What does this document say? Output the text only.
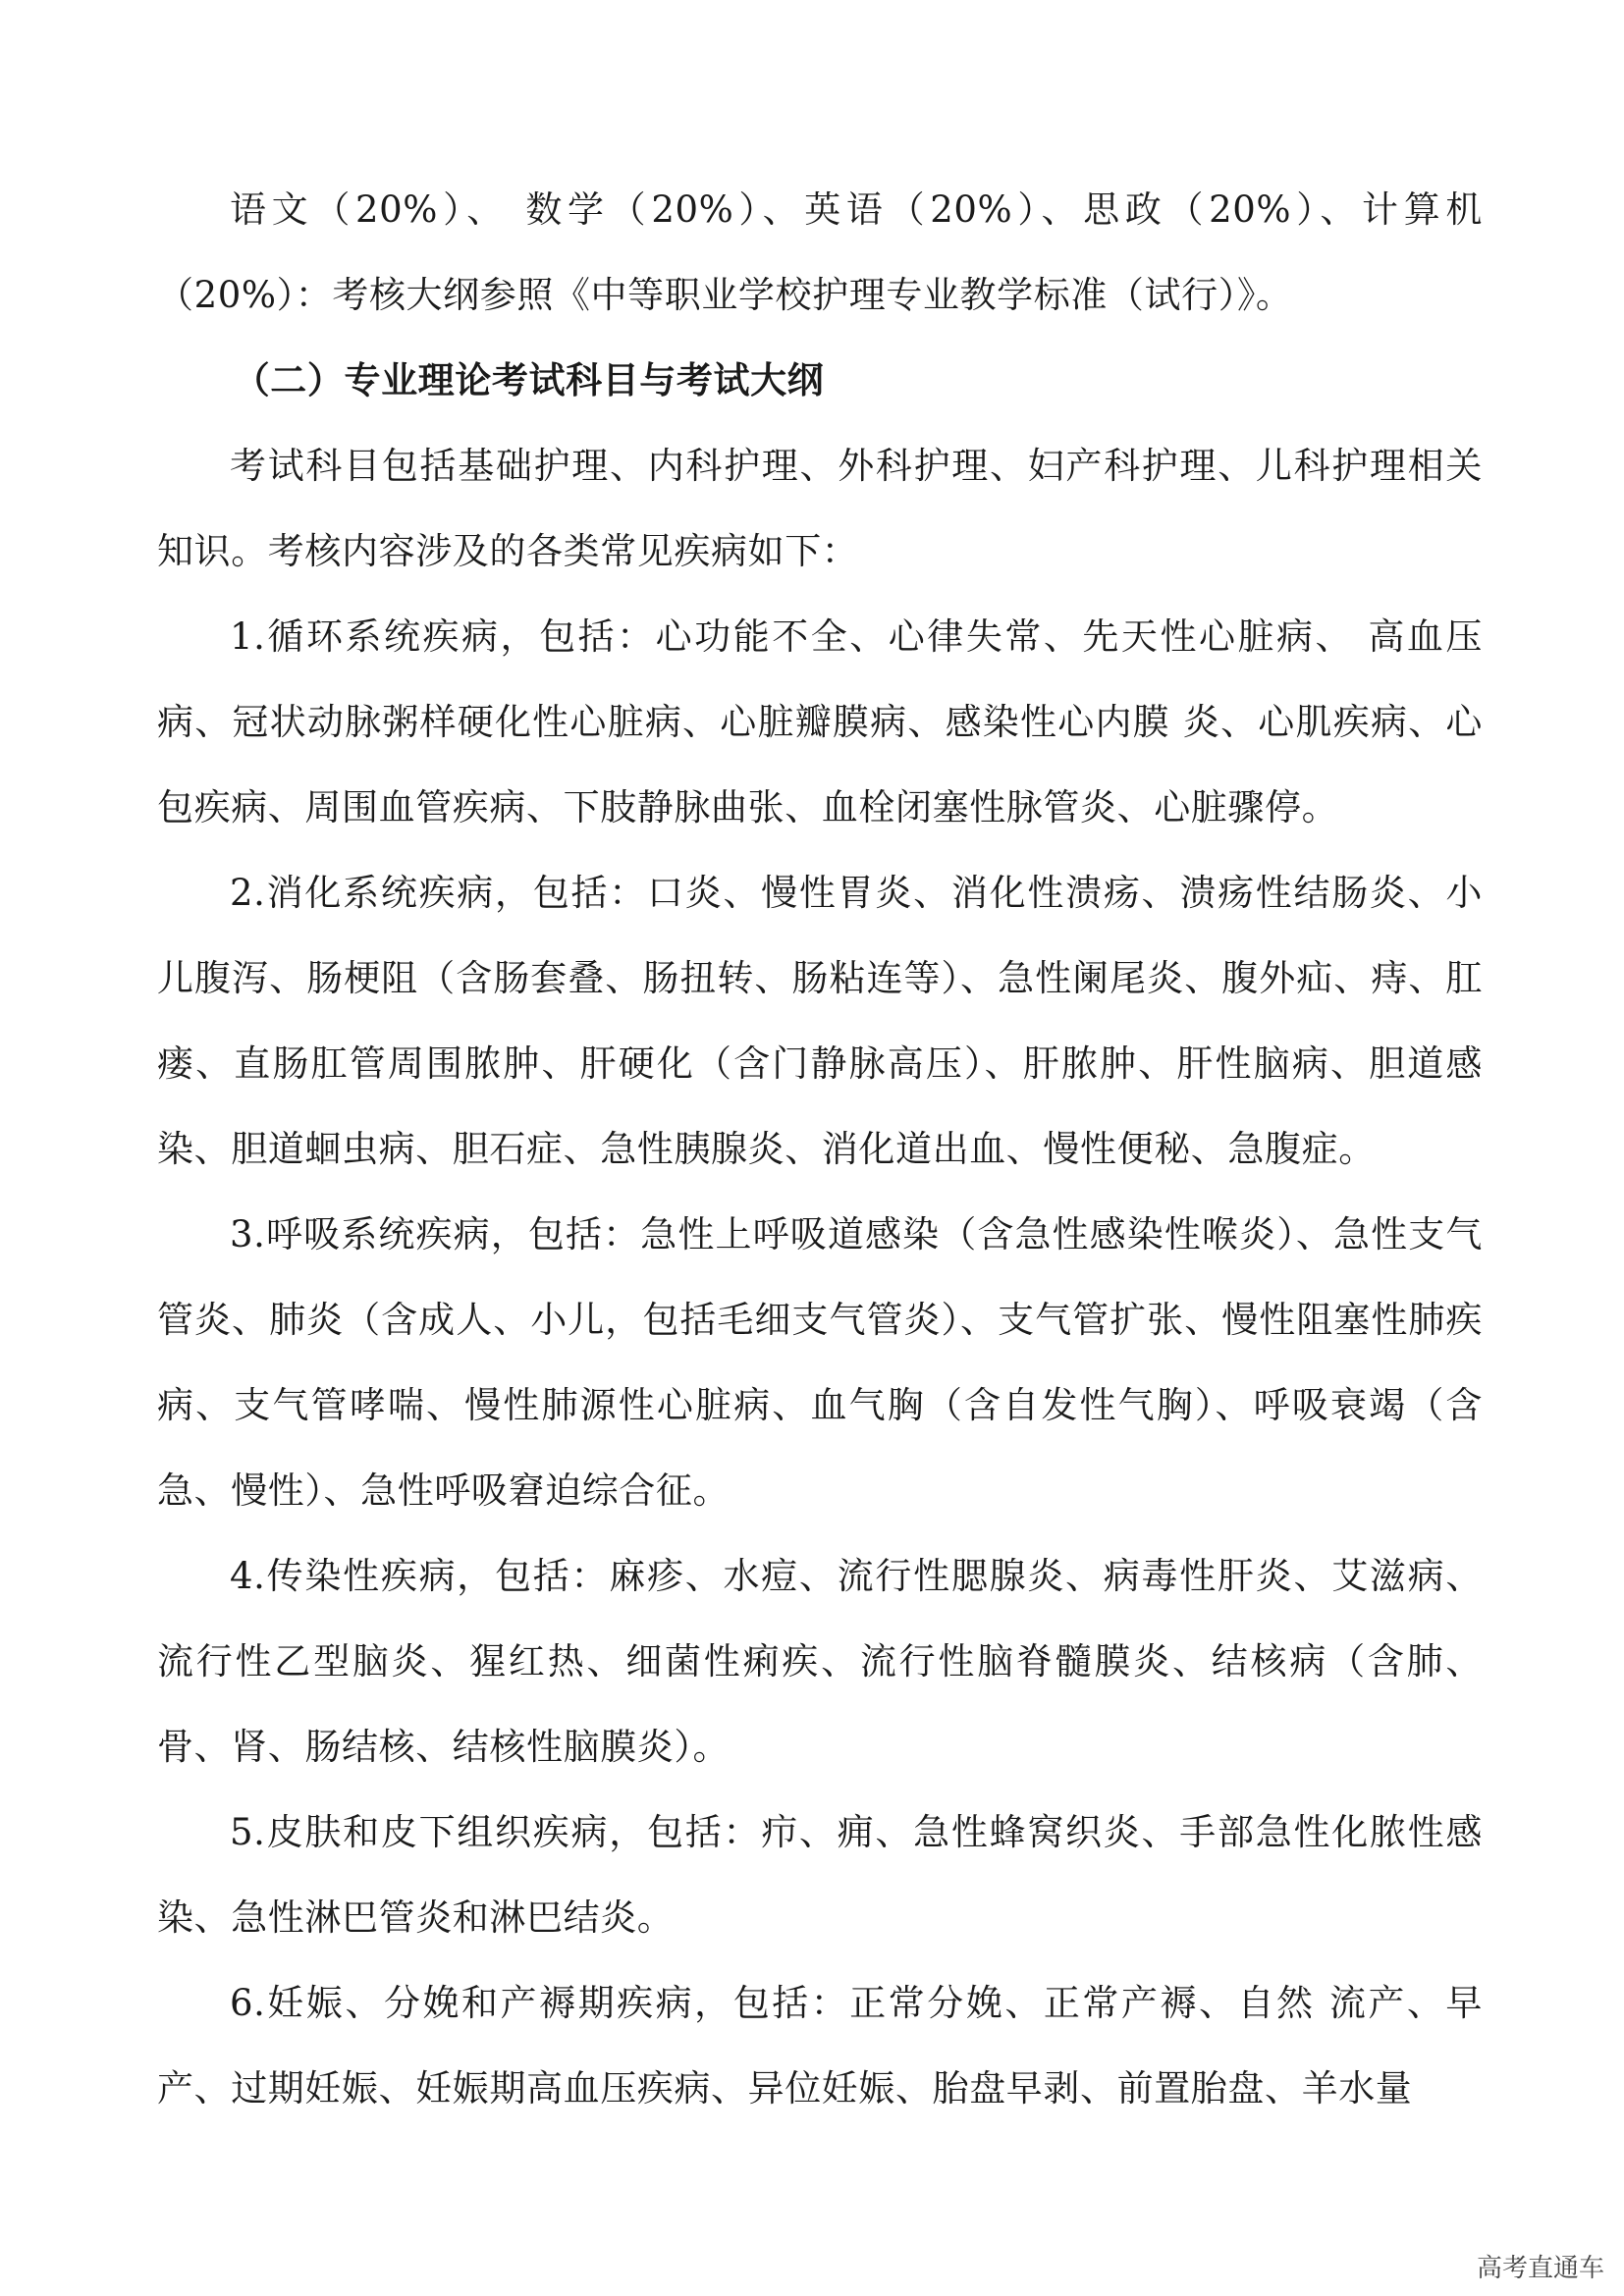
语文（20%）、 数学（20%）、英语（20%）、思政（20%）、计算机（20%）：考核大纲参照《中等职业学校护理专业教学标准（试行）》。

（二）专业理论考试科目与考试大纲

考试科目包括基础护理、内科护理、外科护理、妇产科护理、儿科护理相关知识。考核内容涉及的各类常见疾病如下：

1.循环系统疾病，包括：心功能不全、心律失常、先天性心脏病、 高血压病、冠状动脉粥样硬化性心脏病、心脏瓣膜病、感染性心内膜 炎、心肌疾病、心包疾病、周围血管疾病、下肢静脉曲张、血栓闭塞性脉管炎、心脏骤停。

2.消化系统疾病，包括：口炎、慢性胃炎、消化性溃疡、溃疡性结肠炎、小儿腹泻、肠梗阻（含肠套叠、肠扭转、肠粘连等）、急性阑尾炎、腹外疝、痔、肛瘘、直肠肛管周围脓肿、肝硬化（含门静脉高压）、肝脓肿、肝性脑病、胆道感染、胆道蛔虫病、胆石症、急性胰腺炎、消化道出血、慢性便秘、急腹症。

3.呼吸系统疾病，包括：急性上呼吸道感染（含急性感染性喉炎）、急性支气管炎、肺炎（含成人、小儿，包括毛细支气管炎）、支气管扩张、慢性阻塞性肺疾病、支气管哮喘、慢性肺源性心脏病、血气胸（含自发性气胸）、呼吸衰竭（含急、慢性）、急性呼吸窘迫综合征。

4.传染性疾病，包括：麻疹、水痘、流行性腮腺炎、病毒性肝炎、艾滋病、流行性乙型脑炎、猩红热、细菌性痢疾、流行性脑脊髓膜炎、结核病（含肺、骨、肾、肠结核、结核性脑膜炎）。

5.皮肤和皮下组织疾病，包括：疖、痈、急性蜂窝织炎、手部急性化脓性感染、急性淋巴管炎和淋巴结炎。

6.妊娠、分娩和产褥期疾病，包括：正常分娩、正常产褥、自然 流产、早产、过期妊娠、妊娠期高血压疾病、异位妊娠、胎盘早剥、前置胎盘、羊水量

高考直通车
